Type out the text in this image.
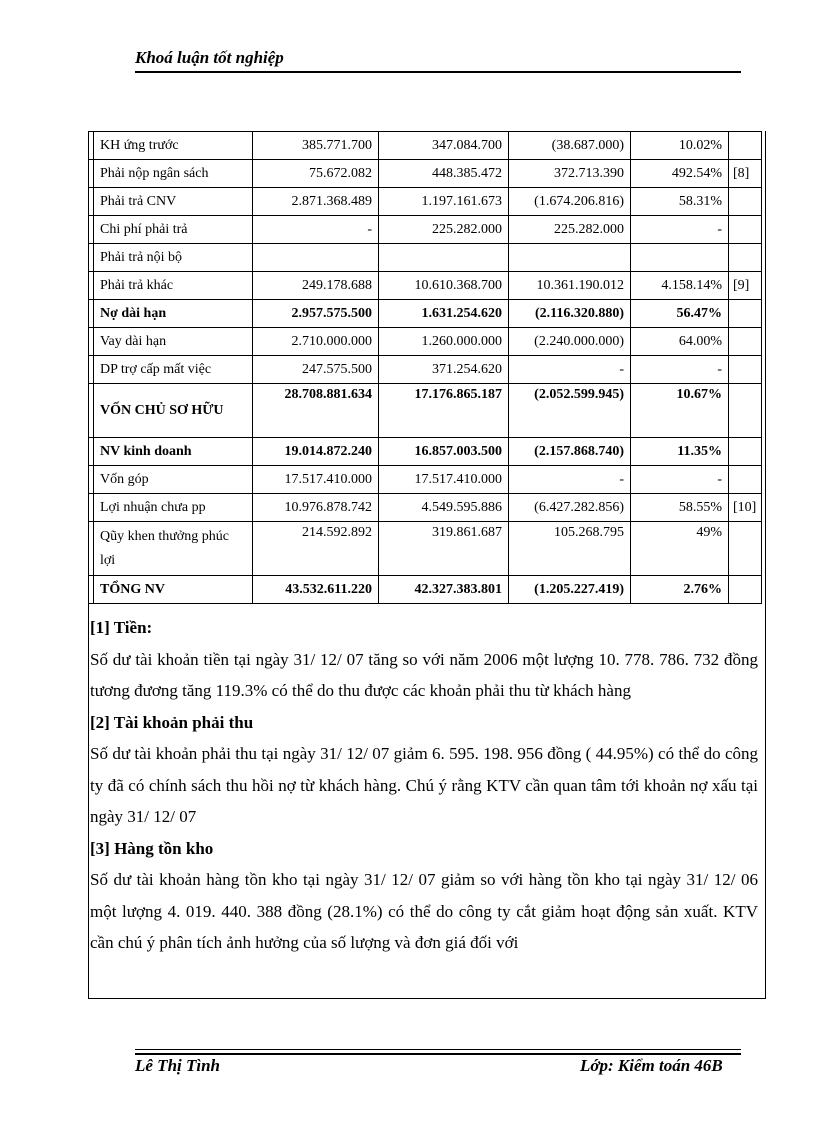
Khoá luận tốt nghiệp
	KH ứng trước	385.771.700	347.084.700	(38.687.000)	10.02%	
	Phải nộp ngân sách	75.672.082	448.385.472	372.713.390	492.54%	[8]
	Phải trả CNV	2.871.368.489	1.197.161.673	(1.674.206.816)	58.31%	
	Chi phí phải trả	-	225.282.000	225.282.000	-	
	Phải trả nội bộ					
	Phải trả khác	249.178.688	10.610.368.700	10.361.190.012	4.158.14%	[9]
	Nợ dài hạn	2.957.575.500	1.631.254.620	(2.116.320.880)	56.47%	
	Vay dài hạn	2.710.000.000	1.260.000.000	(2.240.000.000)	64.00%	
	DP trợ cấp mất việc	247.575.500	371.254.620	-	-	
	VỐN CHỦ SƠ HỮU	28.708.881.634	17.176.865.187	(2.052.599.945)	10.67%	
	NV kinh doanh	19.014.872.240	16.857.003.500	(2.157.868.740)	11.35%	
	Vốn góp	17.517.410.000	17.517.410.000	-	-	
	Lợi nhuận chưa pp	10.976.878.742	4.549.595.886	(6.427.282.856)	58.55%	[10]
	Qũy khen thưởng phúc lợi	214.592.892	319.861.687	105.268.795	49%	
	TỔNG NV	43.532.611.220	42.327.383.801	(1.205.227.419)	2.76%	
[1] Tiền:
Số dư tài khoản tiền tại ngày 31/ 12/ 07 tăng so với năm 2006 một lượng 10. 778. 786. 732 đồng tương đương tăng 119.3% có thể do thu được các khoản phải thu từ khách hàng
[2] Tài khoản phải thu
Số dư tài khoản phải thu tại ngày 31/ 12/ 07 giảm 6. 595. 198. 956 đồng ( 44.95%) có thể do công ty đã có chính sách thu hồi nợ từ khách hàng. Chú ý rằng KTV cần quan tâm tới khoản nợ xấu tại ngày 31/ 12/ 07
[3] Hàng tồn kho
Số dư tài khoản hàng tồn kho tại ngày 31/ 12/ 07 giảm so với hàng tồn kho tại ngày 31/ 12/ 06 một lượng 4. 019. 440. 388 đồng (28.1%) có thể do công ty cắt giảm hoạt động sản xuất. KTV cần chú ý phân tích ảnh hưởng của số lượng và đơn giá đối với
Lê Thị Tình	Lớp: Kiểm toán 46B
